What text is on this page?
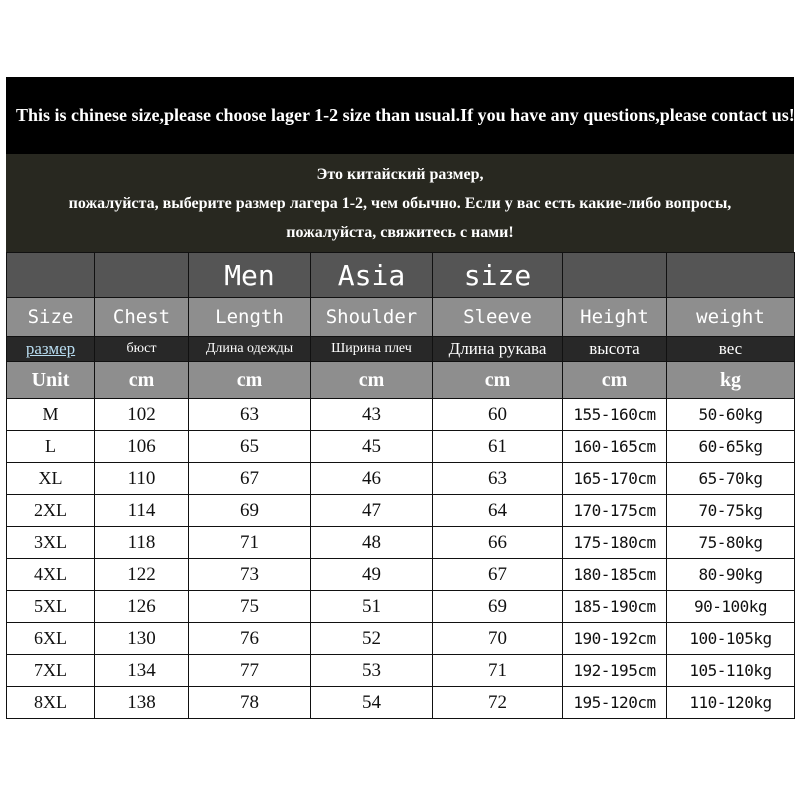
This is chinese size,please choose lager 1-2 size than usual.If you have any questions,please contact us!
Это китайский размер,
пожалуйста, выберите размер лагера 1-2, чем обычно. Если у вас есть какие-либо вопросы,
пожалуйста, свяжитесь с нами!
		Men	Asia	size		
Size	Chest	Length	Shoulder	Sleeve	Height	weight
размер	бюст	Длина одежды	Ширина плеч	Длина рукава	высота	вес
Unit	cm	cm	cm	cm	cm	kg
M	102	63	43	60	155-160cm	50-60kg
L	106	65	45	61	160-165cm	60-65kg
XL	110	67	46	63	165-170cm	65-70kg
2XL	114	69	47	64	170-175cm	70-75kg
3XL	118	71	48	66	175-180cm	75-80kg
4XL	122	73	49	67	180-185cm	80-90kg
5XL	126	75	51	69	185-190cm	90-100kg
6XL	130	76	52	70	190-192cm	100-105kg
7XL	134	77	53	71	192-195cm	105-110kg
8XL	138	78	54	72	195-120cm	110-120kg
